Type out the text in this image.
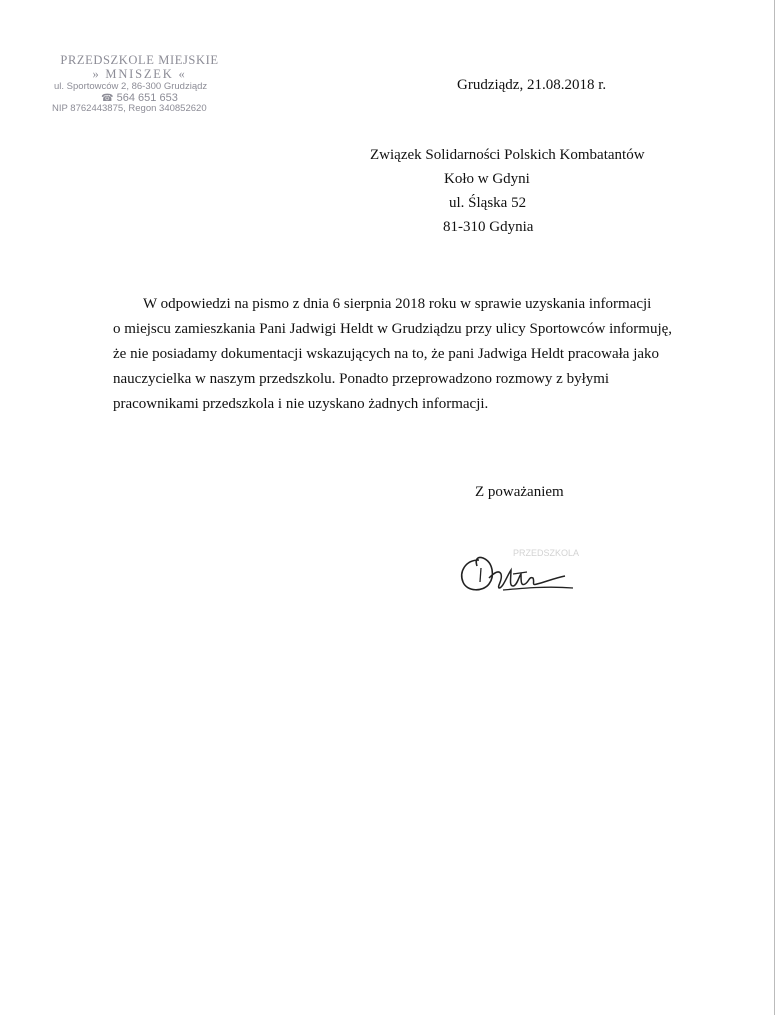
PRZEDSZKOLE MIEJSKIE
» MNISZEK «
ul. Sportowców 2, 86-300 Grudziądz
☎ 564 651 653
NIP 8762443875, Regon 340852620
Grudziądz, 21.08.2018 r.
Związek Solidarności Polskich Kombatantów
Koło w Gdyni
ul. Śląska 52
81-310 Gdynia

W odpowiedzi na pismo z dnia 6 sierpnia 2018 roku w sprawie uzyskania informacji

o miejscu zamieszkania Pani Jadwigi Heldt w Grudziądzu przy ulicy Sportowców informuję,

że nie posiadamy dokumentacji wskazujących na to, że pani Jadwiga Heldt pracowała jako

nauczycielka w naszym przedszkolu. Ponadto przeprowadzono rozmowy z byłymi

pracownikami przedszkola i nie uzyskano żadnych informacji.

Z poważaniem
PRZEDSZKOLA
